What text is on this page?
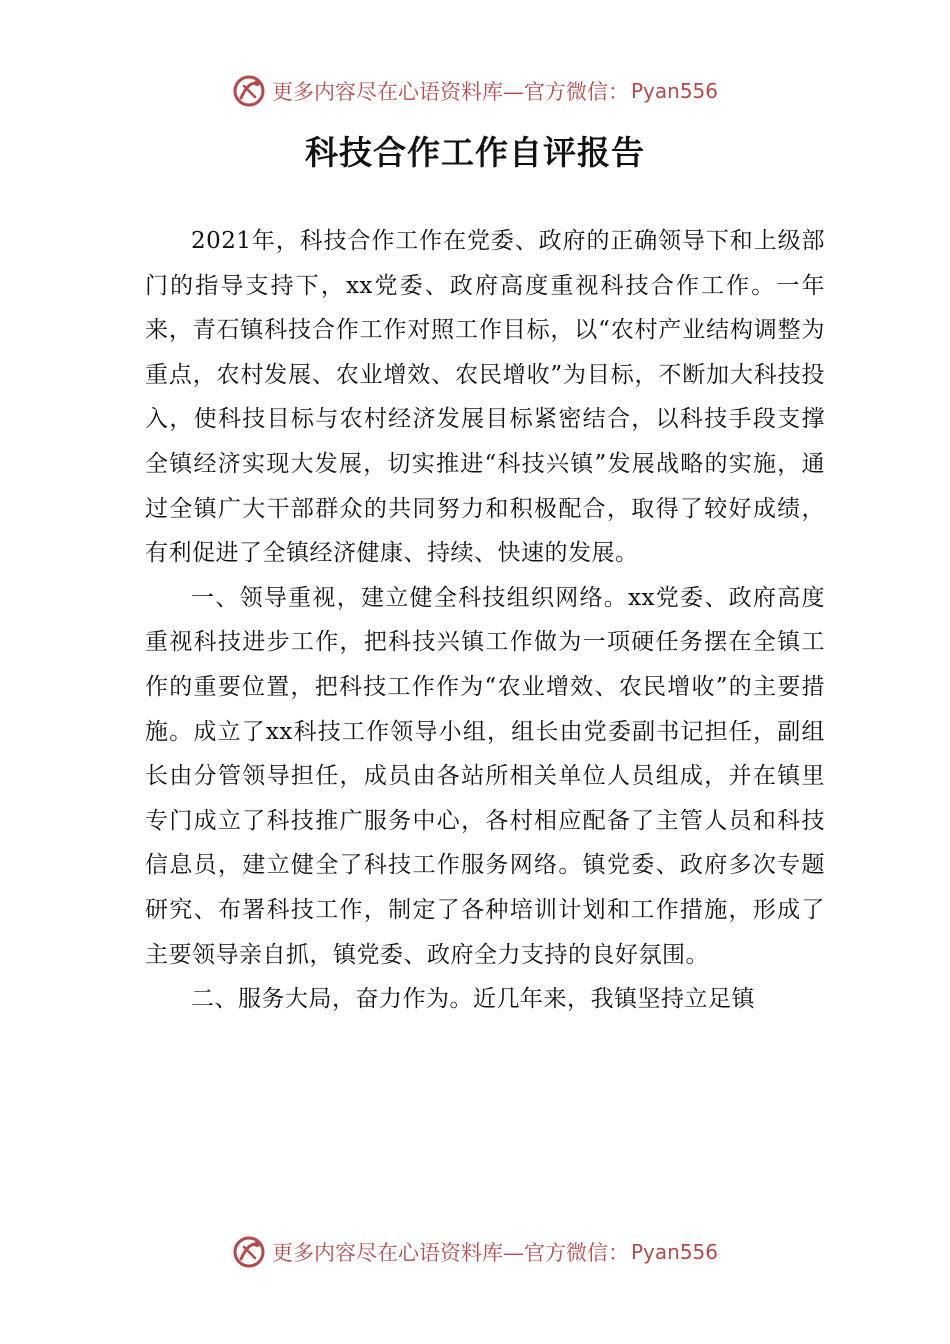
更多内容尽在心语资料库—官方微信： Pyan556
科技合作工作自评报告

2021年，科技合作工作在党委、政府的正确领导下和上级部门的指导支持下，xx党委、政府高度重视科技合作工作。一年来，青石镇科技合作工作对照工作目标，以“农村产业结构调整为重点，农村发展、农业增效、农民增收”为目标，不断加大科技投入，使科技目标与农村经济发展目标紧密结合，以科技手段支撑全镇经济实现大发展，切实推进“科技兴镇”发展战略的实施，通过全镇广大干部群众的共同努力和积极配合，取得了较好成绩，有利促进了全镇经济健康、持续、快速的发展。

一、领导重视，建立健全科技组织网络。xx党委、政府高度重视科技进步工作，把科技兴镇工作做为一项硬任务摆在全镇工作的重要位置，把科技工作作为“农业增效、农民增收”的主要措施。成立了xx科技工作领导小组，组长由党委副书记担任，副组长由分管领导担任，成员由各站所相关单位人员组成，并在镇里专门成立了科技推广服务中心，各村相应配备了主管人员和科技信息员，建立健全了科技工作服务网络。镇党委、政府多次专题研究、布署科技工作，制定了各种培训计划和工作措施，形成了主要领导亲自抓，镇党委、政府全力支持的良好氛围。

二、服务大局，奋力作为。近几年来，我镇坚持立足镇

更多内容尽在心语资料库—官方微信： Pyan556
